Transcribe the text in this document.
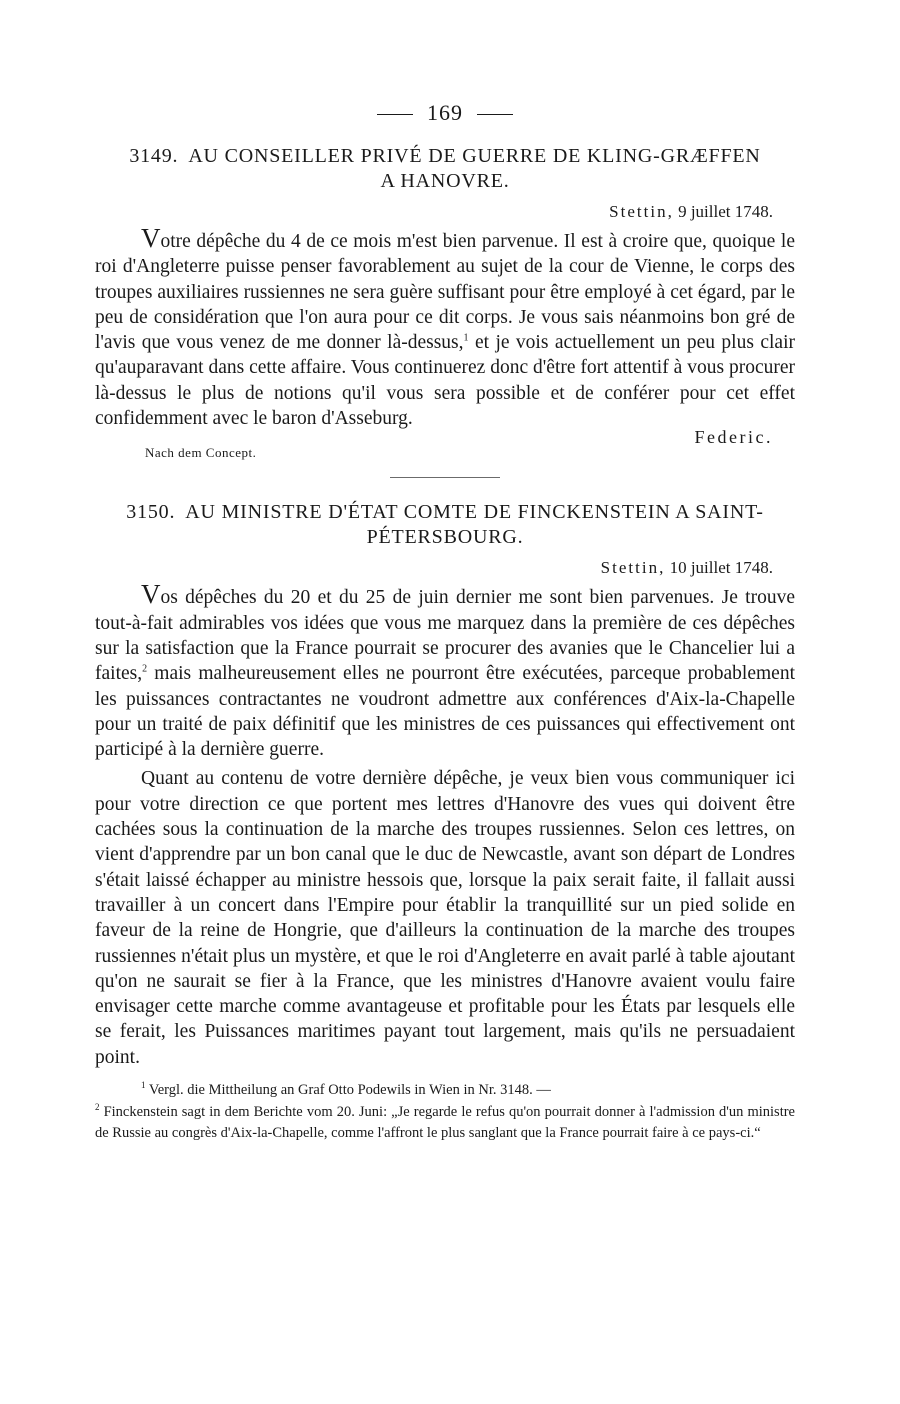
169
3149. AU CONSEILLER PRIVÉ DE GUERRE DE KLING-GRÆFFEN A HANOVRE.
Stettin, 9 juillet 1748.

Votre dépêche du 4 de ce mois m'est bien parvenue. Il est à croire que, quoique le roi d'Angleterre puisse penser favorablement au sujet de la cour de Vienne, le corps des troupes auxiliaires russiennes ne sera guère suffisant pour être employé à cet égard, par le peu de considération que l'on aura pour ce dit corps. Je vous sais néanmoins bon gré de l'avis que vous venez de me donner là-dessus,$^1$ et je vois actuellement un peu plus clair qu'auparavant dans cette affaire. Vous continuerez donc d'être fort attentif à vous procurer là-dessus le plus de notions qu'il vous sera possible et de conférer pour cet effet confidemment avec le baron d'Asseburg.

Nach dem Concept.
Federic.
3150. AU MINISTRE D'ÉTAT COMTE DE FINCKENSTEIN A SAINT-PÉTERSBOURG.
Stettin, 10 juillet 1748.

Vos dépêches du 20 et du 25 de juin dernier me sont bien parvenues. Je trouve tout-à-fait admirables vos idées que vous me marquez dans la première de ces dépêches sur la satisfaction que la France pourrait se procurer des avanies que le Chancelier lui a faites,$^2$ mais malheureusement elles ne pourront être exécutées, parceque probablement les puissances contractantes ne voudront admettre aux conférences d'Aix-la-Chapelle pour un traité de paix définitif que les ministres de ces puissances qui effectivement ont participé à la dernière guerre.

Quant au contenu de votre dernière dépêche, je veux bien vous communiquer ici pour votre direction ce que portent mes lettres d'Hanovre des vues qui doivent être cachées sous la continuation de la marche des troupes russiennes. Selon ces lettres, on vient d'apprendre par un bon canal que le duc de Newcastle, avant son départ de Londres s'était laissé échapper au ministre hessois que, lorsque la paix serait faite, il fallait aussi travailler à un concert dans l'Empire pour établir la tranquillité sur un pied solide en faveur de la reine de Hongrie, que d'ailleurs la continuation de la marche des troupes russiennes n'était plus un mystère, et que le roi d'Angleterre en avait parlé à table ajoutant qu'on ne saurait se fier à la France, que les ministres d'Hanovre avaient voulu faire envisager cette marche comme avantageuse et profitable pour les États par lesquels elle se ferait, les Puissances maritimes payant tout largement, mais qu'ils ne persuadaient point.

$^1$ Vergl. die Mittheilung an Graf Otto Podewils in Wien in Nr. 3148. —

$^2$ Finckenstein sagt in dem Berichte vom 20. Juni: „Je regarde le refus qu'on pourrait donner à l'admission d'un ministre de Russie au congrès d'Aix-la-Chapelle, comme l'affront le plus sanglant que la France pourrait faire à ce pays-ci.“
